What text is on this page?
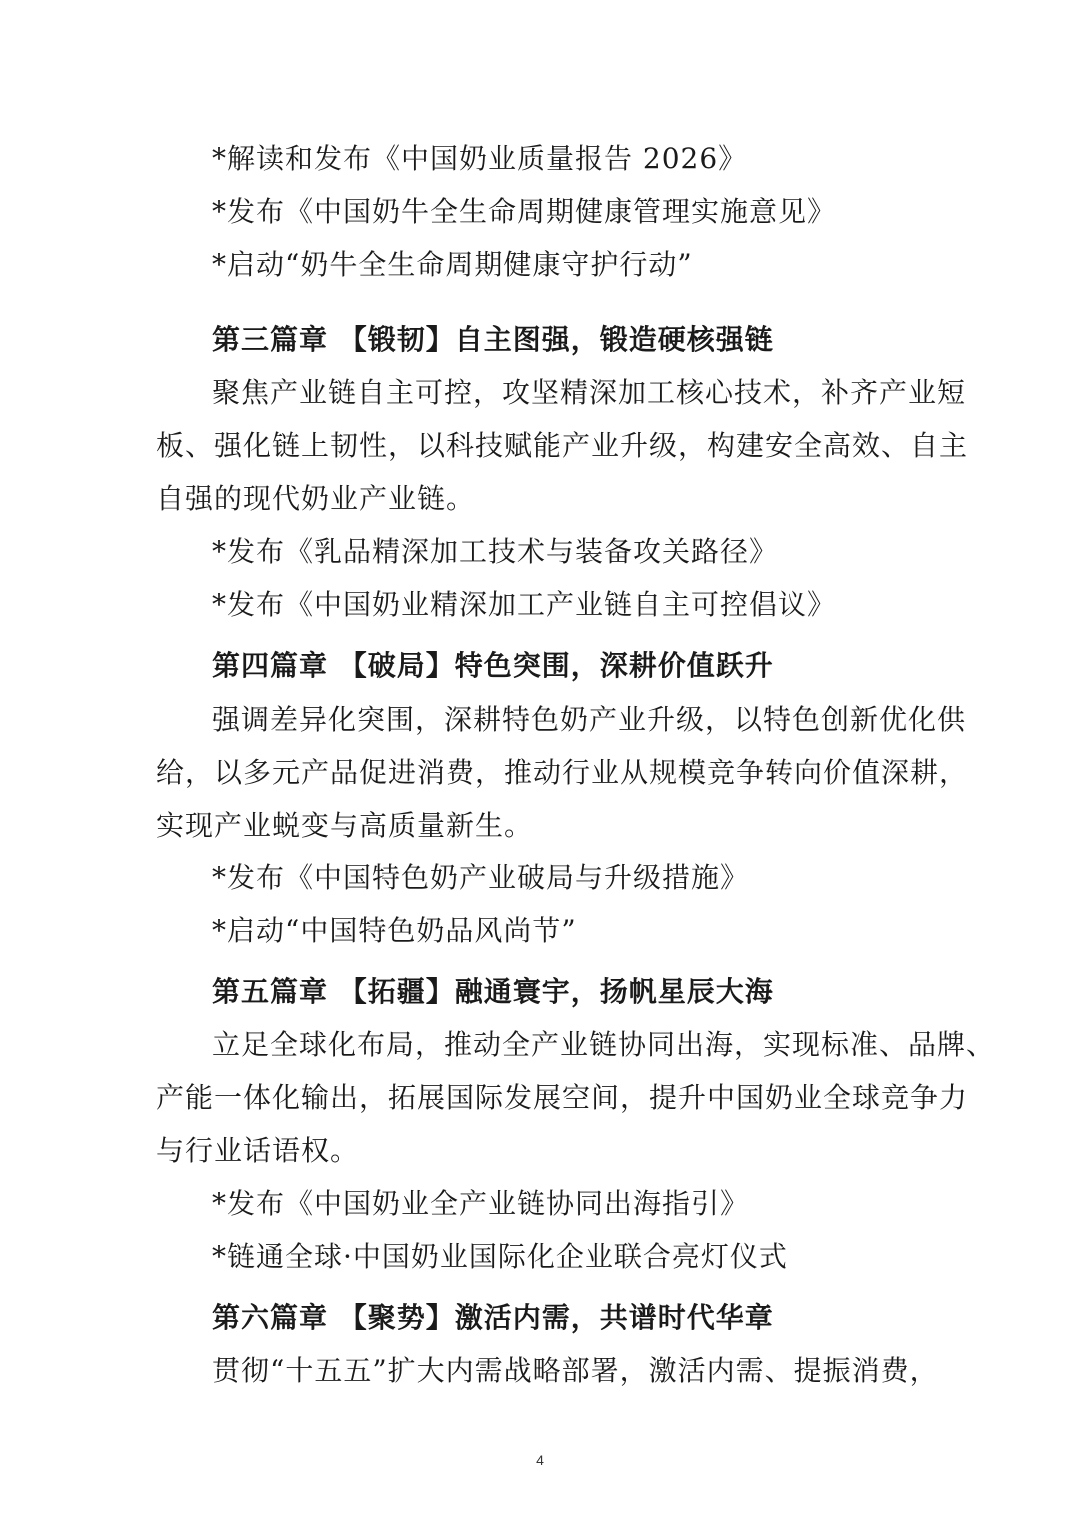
*解读和发布《中国奶业质量报告 2026》
*发布《中国奶牛全生命周期健康管理实施意见》
*启动“奶牛全生命周期健康守护行动”
第三篇章 【锻韧】自主图强，锻造硬核强链
聚焦产业链自主可控，攻坚精深加工核心技术，补齐产业短
板、强化链上韧性，以科技赋能产业升级，构建安全高效、自主
自强的现代奶业产业链。
*发布《乳品精深加工技术与装备攻关路径》
*发布《中国奶业精深加工产业链自主可控倡议》
第四篇章 【破局】特色突围，深耕价值跃升
强调差异化突围，深耕特色奶产业升级，以特色创新优化供
给，以多元产品促进消费，推动行业从规模竞争转向价值深耕，
实现产业蜕变与高质量新生。
*发布《中国特色奶产业破局与升级措施》
*启动“中国特色奶品风尚节”
第五篇章 【拓疆】融通寰宇，扬帆星辰大海
立足全球化布局，推动全产业链协同出海，实现标准、品牌、
产能一体化输出，拓展国际发展空间，提升中国奶业全球竞争力
与行业话语权。
*发布《中国奶业全产业链协同出海指引》
*链通全球·中国奶业国际化企业联合亮灯仪式
第六篇章 【聚势】激活内需，共谱时代华章
贯彻“十五五”扩大内需战略部署，激活内需、提振消费，
4
